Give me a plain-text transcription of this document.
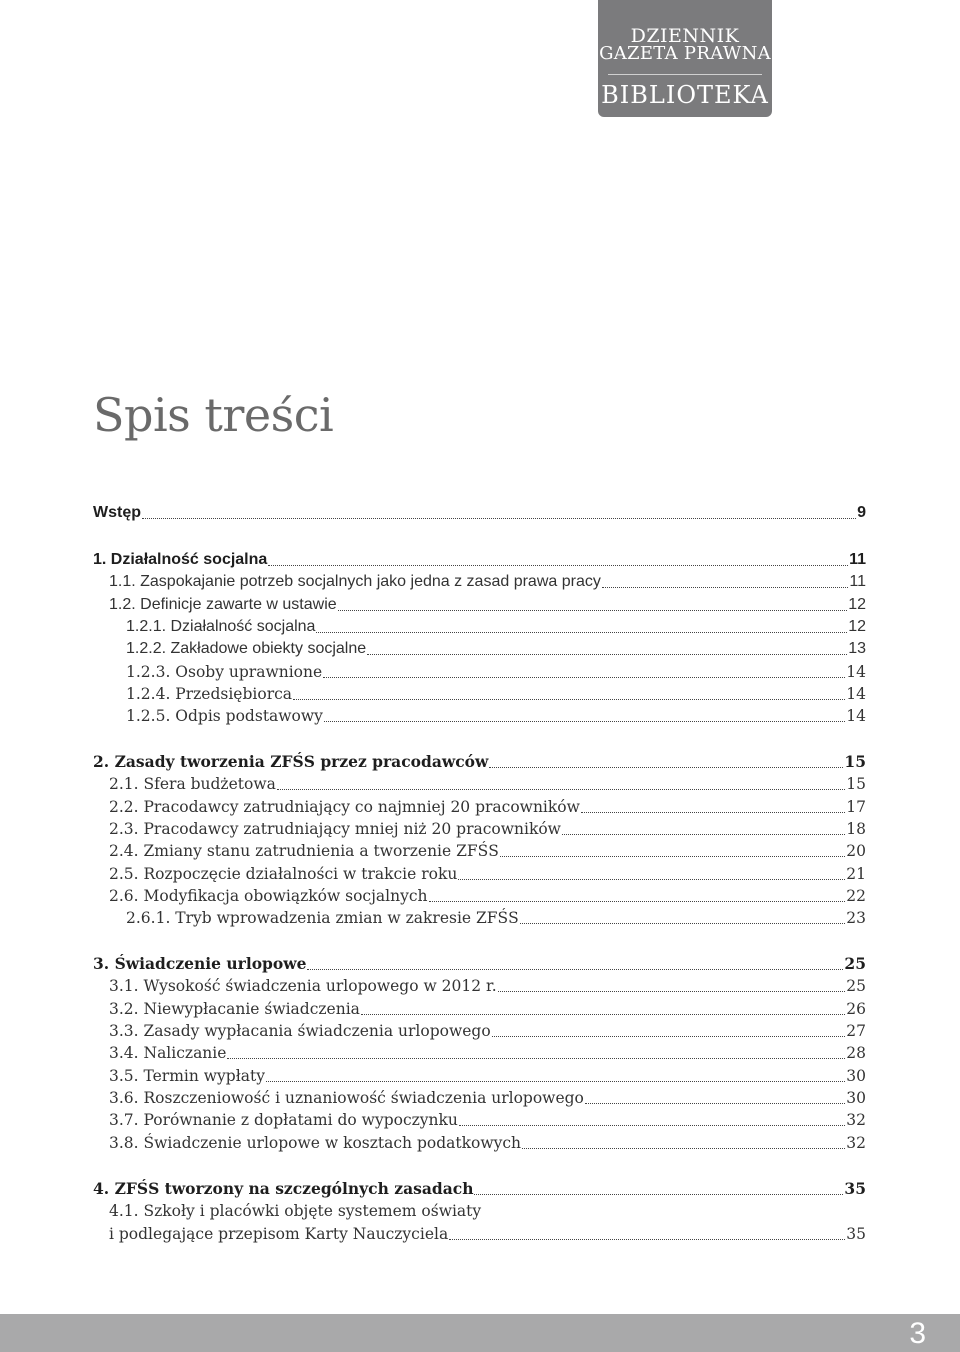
DZIENNIK
GAZETA PRAWNA
BIBLIOTEKA
Spis treści
Wstęp	9
1. Działalność socjalna	11
1.1. Zaspokajanie potrzeb socjalnych jako jedna z zasad prawa pracy	11
1.2. Definicje zawarte w ustawie	12
1.2.1. Działalność socjalna	12
1.2.2. Zakładowe obiekty socjalne	13
1.2.3. Osoby uprawnione	14
1.2.4. Przedsiębiorca	14
1.2.5. Odpis podstawowy	14
2. Zasady tworzenia ZFŚS przez pracodawców	15
2.1. Sfera budżetowa	15
2.2. Pracodawcy zatrudniający co najmniej 20 pracowników	17
2.3. Pracodawcy zatrudniający mniej niż 20 pracowników	18
2.4. Zmiany stanu zatrudnienia a tworzenie ZFŚS	20
2.5. Rozpoczęcie działalności w trakcie roku	21
2.6. Modyfikacja obowiązków socjalnych	22
2.6.1. Tryb wprowadzenia zmian w zakresie ZFŚS	23
3. Świadczenie urlopowe	25
3.1. Wysokość świadczenia urlopowego w 2012 r.	25
3.2. Niewypłacanie świadczenia	26
3.3. Zasady wypłacania świadczenia urlopowego	27
3.4. Naliczanie	28
3.5. Termin wypłaty	30
3.6. Roszczeniowość i uznaniowość świadczenia urlopowego	30
3.7. Porównanie z dopłatami do wypoczynku	32
3.8. Świadczenie urlopowe w kosztach podatkowych	32
4. ZFŚS tworzony na szczególnych zasadach	35
4.1. Szkoły i placówki objęte systemem oświaty
i podlegające przepisom Karty Nauczyciela	35
3
